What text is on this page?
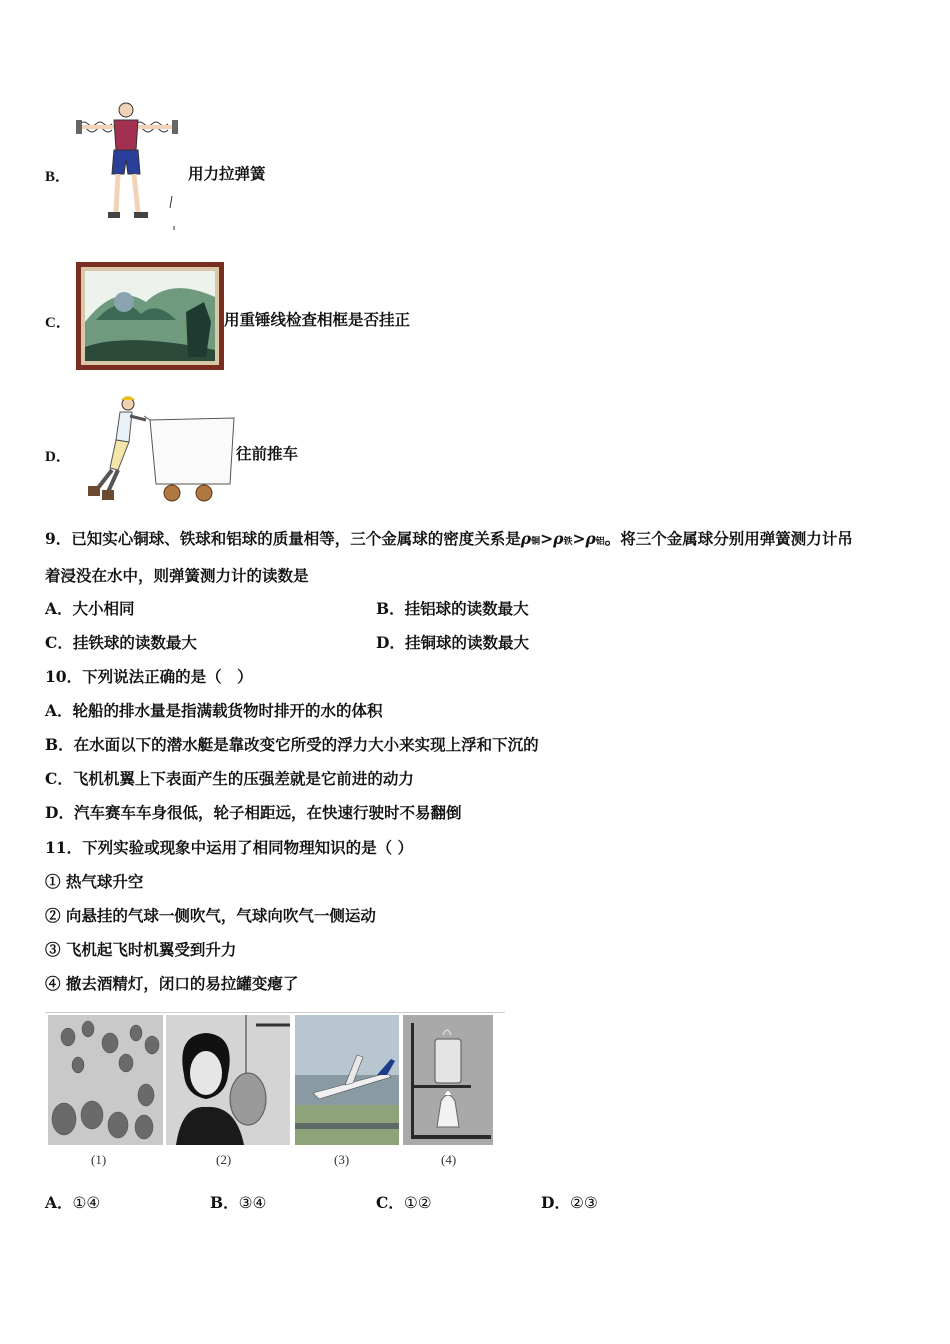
B．	用力拉弹簧
C．	用重锤线检查相框是否挂正
D．	往前推车
9．已知实心铜球、铁球和铝球的质量相等，三个金属球的密度关系是ρ铜>ρ铁>ρ铝。将三个金属球分别用弹簧测力计吊
着浸没在水中，则弹簧测力计的读数是
A．大小相同	B．挂铝球的读数最大
C．挂铁球的读数最大	D．挂铜球的读数最大
10．下列说法正确的是（　）
A．轮船的排水量是指满载货物时排开的水的体积
B．在水面以下的潜水艇是靠改变它所受的浮力大小来实现上浮和下沉的
C．飞机机翼上下表面产生的压强差就是它前进的动力
D．汽车赛车车身很低，轮子相距远，在快速行驶时不易翻倒
11．下列实验或现象中运用了相同物理知识的是（ ）
① 热气球升空
② 向悬挂的气球一侧吹气，气球向吹气一侧运动
③ 飞机起飞时机翼受到升力
④ 撤去酒精灯，闭口的易拉罐变瘪了
(1)	(2)	(3)	(4)
A．①④	B．③④	C．①②	D．②③
